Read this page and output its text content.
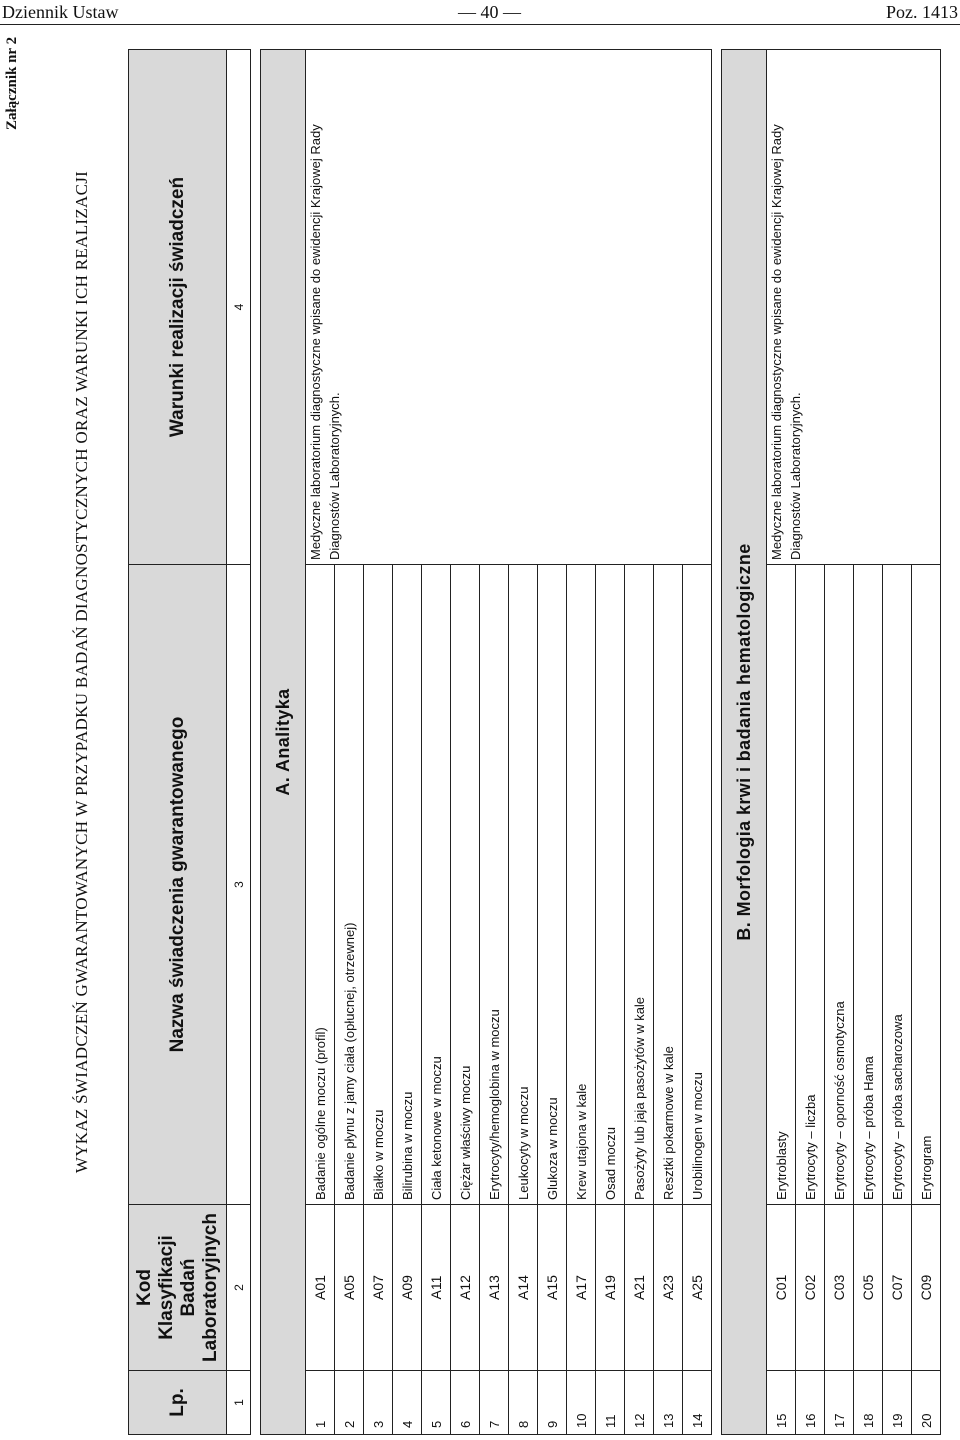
Dziennik Ustaw	— 40 —	Poz. 1413
Załącznik nr 2
WYKAZ ŚWIADCZEŃ GWARANTOWANYCH W PRZYPADKU BADAŃ DIAGNOSTYCZNYCH ORAZ WARUNKI ICH REALIZACJI
Lp.	Kod Klasyfikacji Badań Laboratoryjnych	Nazwa świadczenia gwarantowanego	Warunki realizacji świadczeń
1	2	3	4

A. Analityka			
1	A01	Badanie ogólne moczu (profil)	Medyczne laboratorium diagnostyczne wpisane do ewidencji Krajowej Rady Diagnostów Laboratoryjnych.
2	A05	Badanie płynu z jamy ciała (opłucnej, otrzewnej)	
3	A07	Białko w moczu	
4	A09	Bilirubina w moczu	
5	A11	Ciała ketonowe w moczu	
6	A12	Ciężar właściwy moczu	
7	A13	Erytrocyty/hemoglobina w moczu	
8	A14	Leukocyty w moczu	
9	A15	Glukoza w moczu	
10	A17	Krew utajona w kale	
11	A19	Osad moczu	
12	A21	Pasożyty lub jaja pasożytów w kale	
13	A23	Resztki pokarmowe w kale	
14	A25	Urobilinogen w moczu	

B. Morfologia krwi i badania hematologiczne			
15	C01	Erytroblasty	Medyczne laboratorium diagnostyczne wpisane do ewidencji Krajowej Rady Diagnostów Laboratoryjnych.
16	C02	Erytrocyty – liczba	
17	C03	Erytrocyty – oporność osmotyczna	
18	C05	Erytrocyty – próba Hama	
19	C07	Erytrocyty – próba sacharozowa	
20	C09	Erytrogram	
